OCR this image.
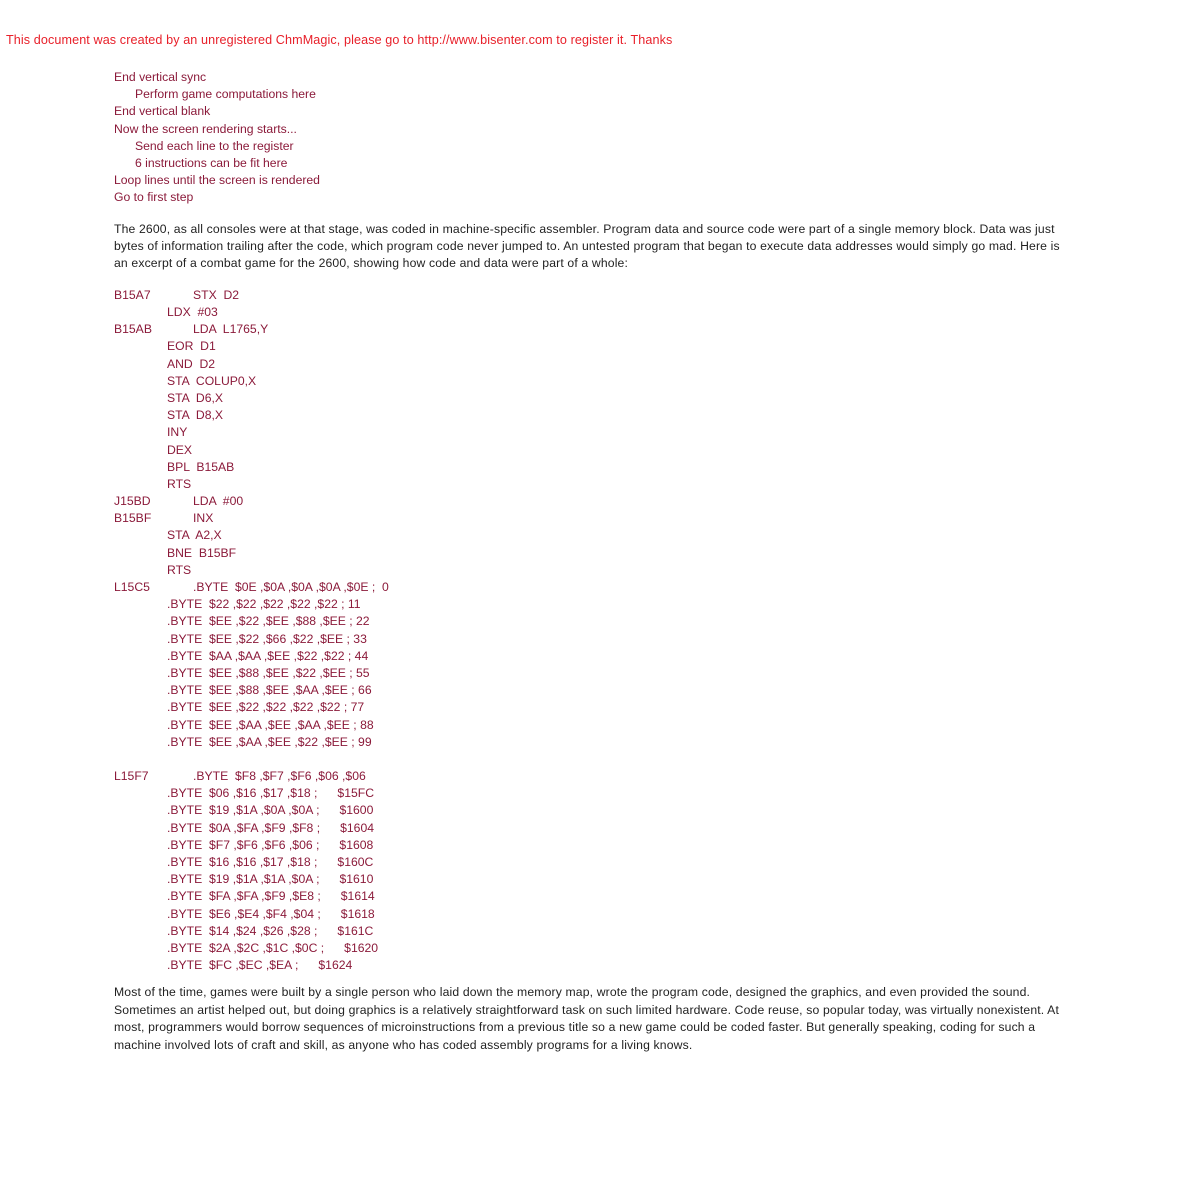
This document was created by an unregistered ChmMagic, please go to http://www.bisenter.com to register it. Thanks
End vertical sync
Perform game computations here
End vertical blank
Now the screen rendering starts...
Send each line to the register
6 instructions can be fit here
Loop lines until the screen is rendered
Go to first step

The 2600, as all consoles were at that stage, was coded in machine-specific assembler. Program data and source code were part of a single memory block. Data was just bytes of information trailing after the code, which program code never jumped to. An untested program that began to execute data addresses would simply go mad. Here is an excerpt of a combat game for the 2600, showing how code and data were part of a whole:

B15A7	STX  D2
LDX  #03
B15AB	LDA  L1765,Y
EOR  D1
AND  D2
STA  COLUP0,X
STA  D6,X
STA  D8,X
INY
DEX
BPL  B15AB
RTS
J15BD	LDA  #00
B15BF	INX
STA  A2,X
BNE  B15BF
RTS
L15C5	.BYTE  $0E ,$0A ,$0A ,$0A ,$0E ;  0
.BYTE  $22 ,$22 ,$22 ,$22 ,$22 ; 11
.BYTE  $EE ,$22 ,$EE ,$88 ,$EE ; 22
.BYTE  $EE ,$22 ,$66 ,$22 ,$EE ; 33
.BYTE  $AA ,$AA ,$EE ,$22 ,$22 ; 44
.BYTE  $EE ,$88 ,$EE ,$22 ,$EE ; 55
.BYTE  $EE ,$88 ,$EE ,$AA ,$EE ; 66
.BYTE  $EE ,$22 ,$22 ,$22 ,$22 ; 77
.BYTE  $EE ,$AA ,$EE ,$AA ,$EE ; 88
.BYTE  $EE ,$AA ,$EE ,$22 ,$EE ; 99
L15F7	.BYTE  $F8 ,$F7 ,$F6 ,$06 ,$06
.BYTE  $06 ,$16 ,$17 ,$18 ; $15FC
.BYTE  $19 ,$1A ,$0A ,$0A ; $1600
.BYTE  $0A ,$FA ,$F9 ,$F8 ; $1604
.BYTE  $F7 ,$F6 ,$F6 ,$06 ; $1608
.BYTE  $16 ,$16 ,$17 ,$18 ; $160C
.BYTE  $19 ,$1A ,$1A ,$0A ; $1610
.BYTE  $FA ,$FA ,$F9 ,$E8 ; $1614
.BYTE  $E6 ,$E4 ,$F4 ,$04 ; $1618
.BYTE  $14 ,$24 ,$26 ,$28 ; $161C
.BYTE  $2A ,$2C ,$1C ,$0C ; $1620
.BYTE  $FC ,$EC ,$EA ; $1624

Most of the time, games were built by a single person who laid down the memory map, wrote the program code, designed the graphics, and even provided the sound. Sometimes an artist helped out, but doing graphics is a relatively straightforward task on such limited hardware. Code reuse, so popular today, was virtually nonexistent. At most, programmers would borrow sequences of microinstructions from a previous title so a new game could be coded faster. But generally speaking, coding for such a machine involved lots of craft and skill, as anyone who has coded assembly programs for a living knows.
